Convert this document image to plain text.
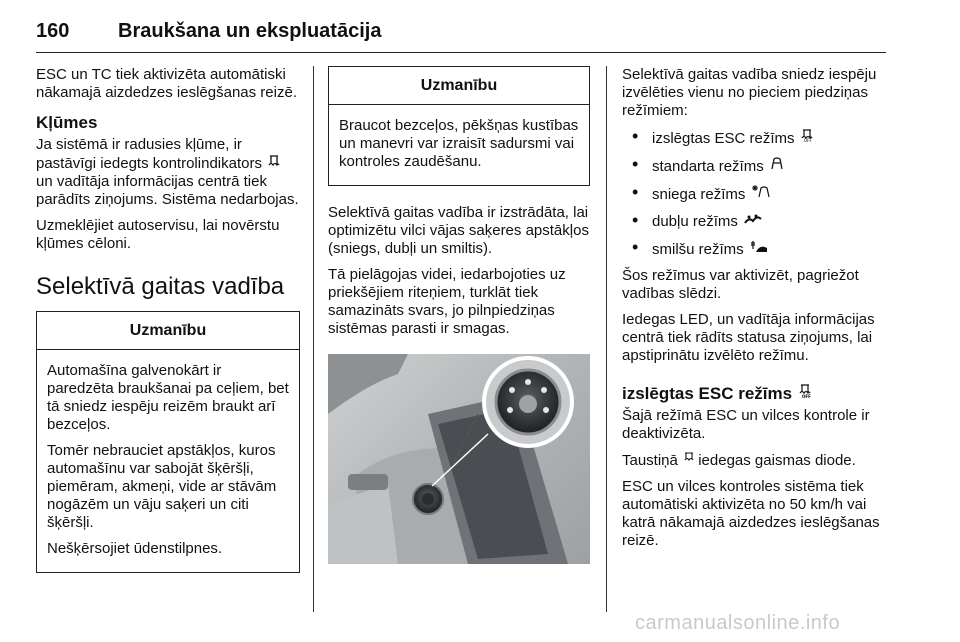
160 Braukšana un ekspluatācija

ESC un TC tiek aktivizēta automātiski nākamajā aizdedzes ieslēgšanas reizē.

Kļūmes

Ja sistēmā ir radusies kļūme, ir pastāvīgi iedegts kontrolindikators  un vadītāja informācijas centrā tiek parādīts ziņojums. Sistēma nedarbojas.

Uzmeklējiet autoservisu, lai novērstu kļūmes cēloni.

Selektīvā gaitas vadība
Uzmanību

Automašīna galvenokārt ir paredzēta braukšanai pa ceļiem, bet tā sniedz iespēju reizēm braukt arī bezceļos.

Tomēr nebrauciet apstākļos, kuros automašīnu var sabojāt šķēršļi, piemēram, akmeņi, vide ar stāvām nogāzēm un vāju saķeri un citi šķēršļi.

Nešķērsojiet ūdenstilpnes.

Uzmanību

Braucot bezceļos, pēkšņas kustības un manevri var izraisīt sadursmi vai kontroles zaudēšanu.

Selektīvā gaitas vadība ir izstrādāta, lai optimizētu vilci vājas saķeres apstākļos (sniegs, dubļi un smiltis).

Tā pielāgojas videi, iedarbojoties uz priekšējiem riteņiem, turklāt tiek samazināts svars, jo pilnpiedziņas sistēmas parasti ir smagas.

Selektīvā gaitas vadība sniedz iespēju izvēlēties vienu no pieciem piedziņas režīmiem:

• izslēgtas ESC režīms OFF
• standarta režīms
• sniega režīms
• dubļu režīms
• smilšu režīms

Šos režīmus var aktivizēt, pagriežot vadības slēdzi.

Iedegas LED, un vadītāja informācijas centrā tiek rādīts statusa ziņojums, lai apstiprinātu izvēlēto režīmu.

izslēgtas ESC režīms OFF

Šajā režīmā ESC un vilces kontrole ir deaktivizēta.

Taustiņā iedegas gaismas diode.

ESC un vilces kontroles sistēma tiek automātiski aktivizēta no 50 km/h vai katrā nākamajā aizdedzes ieslēgšanas reizē.

carmanualsonline.info
